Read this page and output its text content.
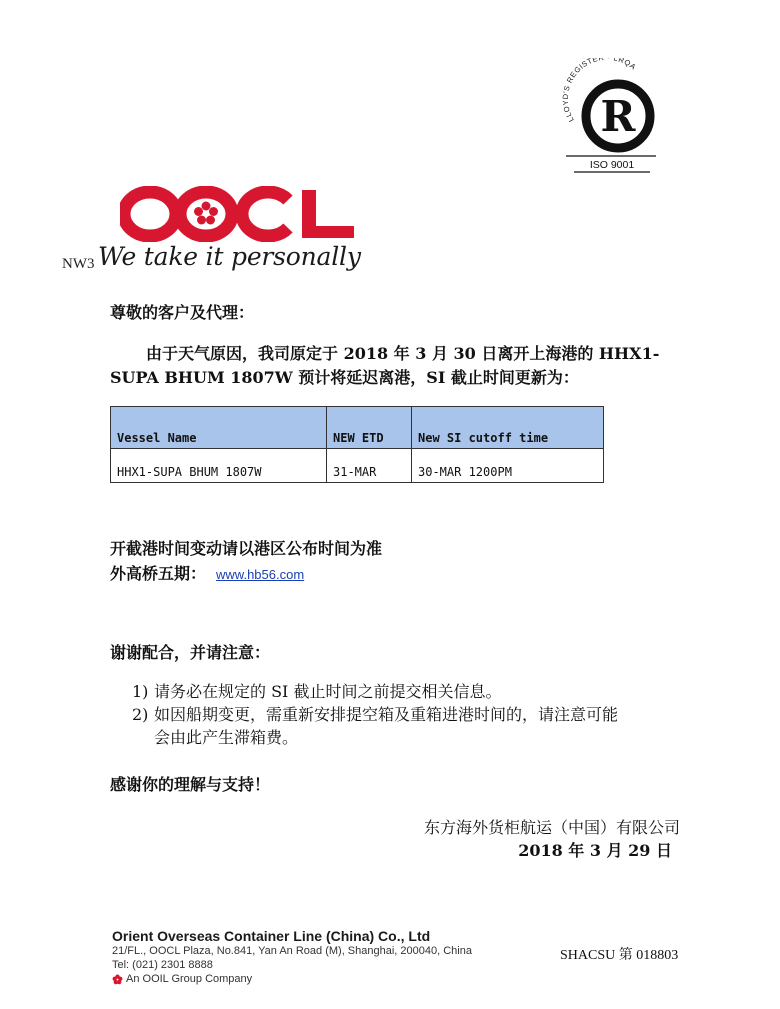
LLOYD'S REGISTE LRQA
R
ISO 9001
NW3 We take it personally
尊敬的客户及代理：
由于天气原因，我司原定于 2018 年 3 月 30 日离开上海港的 HHX1-
SUPA BHUM 1807W 预计将延迟离港，SI 截止时间更新为：
Vessel Name	NEW ETD	New SI cutoff time
HHX1-SUPA BHUM 1807W	31-MAR	30-MAR 1200PM
开截港时间变动请以港区公布时间为准
外高桥五期： www.hb56.com
谢谢配合，并请注意：
1) 请务必在规定的 SI 截止时间之前提交相关信息。
2) 如因船期变更，需重新安排提空箱及重箱进港时间的，请注意可能
会由此产生滞箱费。
感谢你的理解与支持！
东方海外货柜航运（中国）有限公司
2018 年 3 月 29 日
Orient Overseas Container Line (China) Co., Ltd
21/FL., OOCL Plaza, No.841, Yan An Road (M), Shanghai, 200040, China
Tel: (021) 2301 8888
An OOIL Group Company
SHACSU 第 018803
